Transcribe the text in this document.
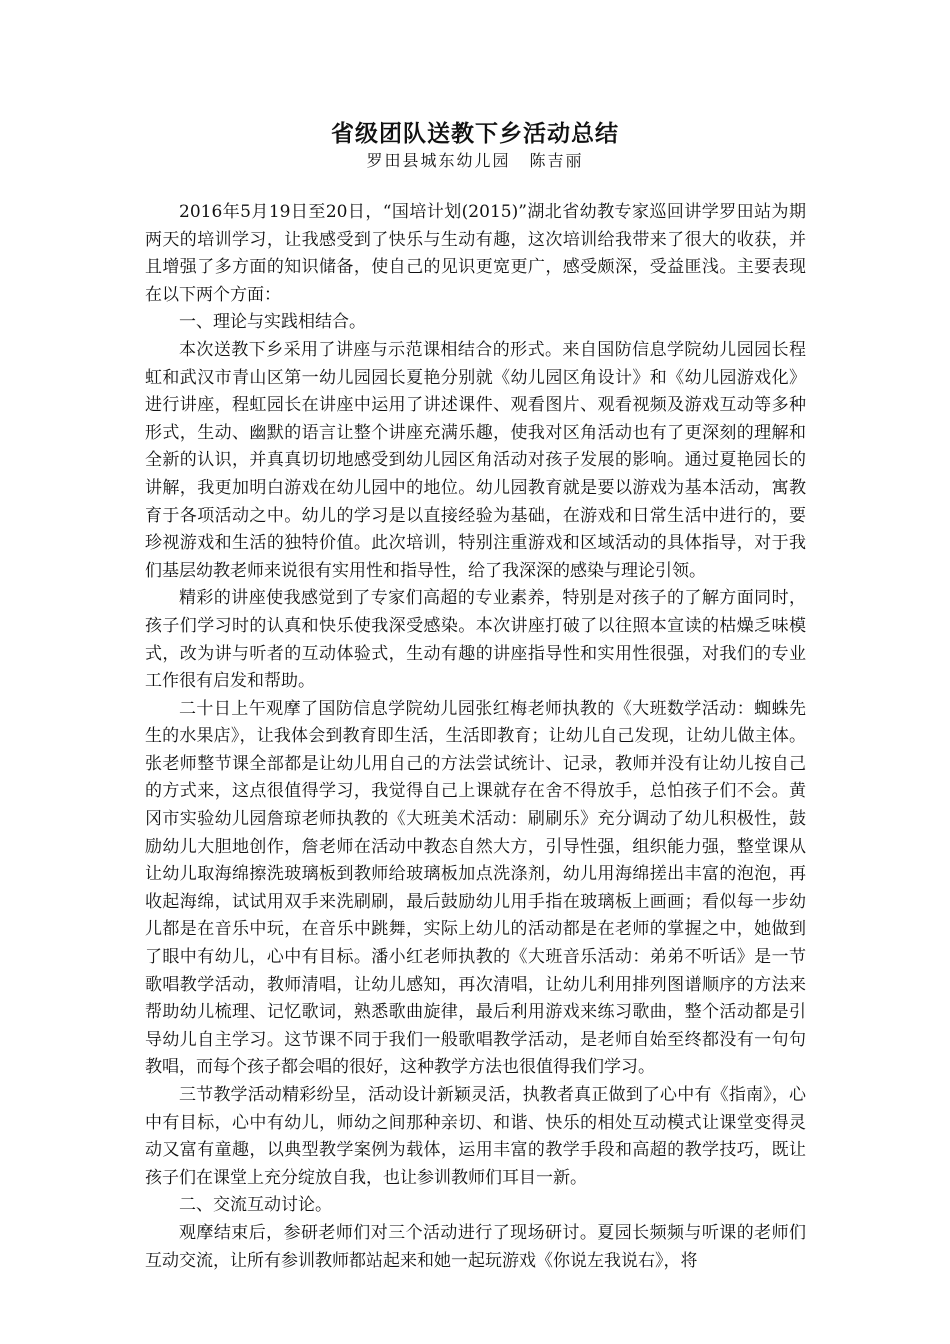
省级团队送教下乡活动总结
罗田县城东幼儿园 陈吉丽

2016年5月19日至20日，“国培计划(2015)”湖北省幼教专家巡回讲学罗田站为期两天的培训学习，让我感受到了快乐与生动有趣，这次培训给我带来了很大的收获，并且增强了多方面的知识储备，使自己的见识更宽更广，感受颇深，受益匪浅。主要表现在以下两个方面：

一、理论与实践相结合。

本次送教下乡采用了讲座与示范课相结合的形式。来自国防信息学院幼儿园园长程虹和武汉市青山区第一幼儿园园长夏艳分别就《幼儿园区角设计》和《幼儿园游戏化》进行讲座，程虹园长在讲座中运用了讲述课件、观看图片、观看视频及游戏互动等多种形式，生动、幽默的语言让整个讲座充满乐趣，使我对区角活动也有了更深刻的理解和全新的认识，并真真切切地感受到幼儿园区角活动对孩子发展的影响。通过夏艳园长的讲解，我更加明白游戏在幼儿园中的地位。幼儿园教育就是要以游戏为基本活动，寓教育于各项活动之中。幼儿的学习是以直接经验为基础，在游戏和日常生活中进行的，要珍视游戏和生活的独特价值。此次培训，特别注重游戏和区域活动的具体指导，对于我们基层幼教老师来说很有实用性和指导性，给了我深深的感染与理论引领。

精彩的讲座使我感觉到了专家们高超的专业素养，特别是对孩子的了解方面同时，孩子们学习时的认真和快乐使我深受感染。本次讲座打破了以往照本宣读的枯燥乏味模式，改为讲与听者的互动体验式，生动有趣的讲座指导性和实用性很强，对我们的专业工作很有启发和帮助。

二十日上午观摩了国防信息学院幼儿园张红梅老师执教的《大班数学活动：蜘蛛先生的水果店》，让我体会到教育即生活，生活即教育；让幼儿自己发现，让幼儿做主体。张老师整节课全部都是让幼儿用自己的方法尝试统计、记录，教师并没有让幼儿按自己的方式来，这点很值得学习，我觉得自己上课就存在舍不得放手，总怕孩子们不会。黄冈市实验幼儿园詹琼老师执教的《大班美术活动：刷刷乐》充分调动了幼儿积极性，鼓励幼儿大胆地创作，詹老师在活动中教态自然大方，引导性强，组织能力强，整堂课从让幼儿取海绵擦洗玻璃板到教师给玻璃板加点洗涤剂，幼儿用海绵搓出丰富的泡泡，再收起海绵，试试用双手来洗刷刷，最后鼓励幼儿用手指在玻璃板上画画；看似每一步幼儿都是在音乐中玩，在音乐中跳舞，实际上幼儿的活动都是在老师的掌握之中，她做到了眼中有幼儿，心中有目标。潘小红老师执教的《大班音乐活动：弟弟不听话》是一节歌唱教学活动，教师清唱，让幼儿感知，再次清唱，让幼儿利用排列图谱顺序的方法来帮助幼儿梳理、记忆歌词，熟悉歌曲旋律，最后利用游戏来练习歌曲，整个活动都是引导幼儿自主学习。这节课不同于我们一般歌唱教学活动，是老师自始至终都没有一句句教唱，而每个孩子都会唱的很好，这种教学方法也很值得我们学习。

三节教学活动精彩纷呈，活动设计新颖灵活，执教者真正做到了心中有《指南》，心中有目标，心中有幼儿，师幼之间那种亲切、和谐、快乐的相处互动模式让课堂变得灵动又富有童趣，以典型教学案例为载体，运用丰富的教学手段和高超的教学技巧，既让孩子们在课堂上充分绽放自我，也让参训教师们耳目一新。

二、交流互动讨论。

观摩结束后，参研老师们对三个活动进行了现场研讨。夏园长频频与听课的老师们互动交流，让所有参训教师都站起来和她一起玩游戏《你说左我说右》，将
